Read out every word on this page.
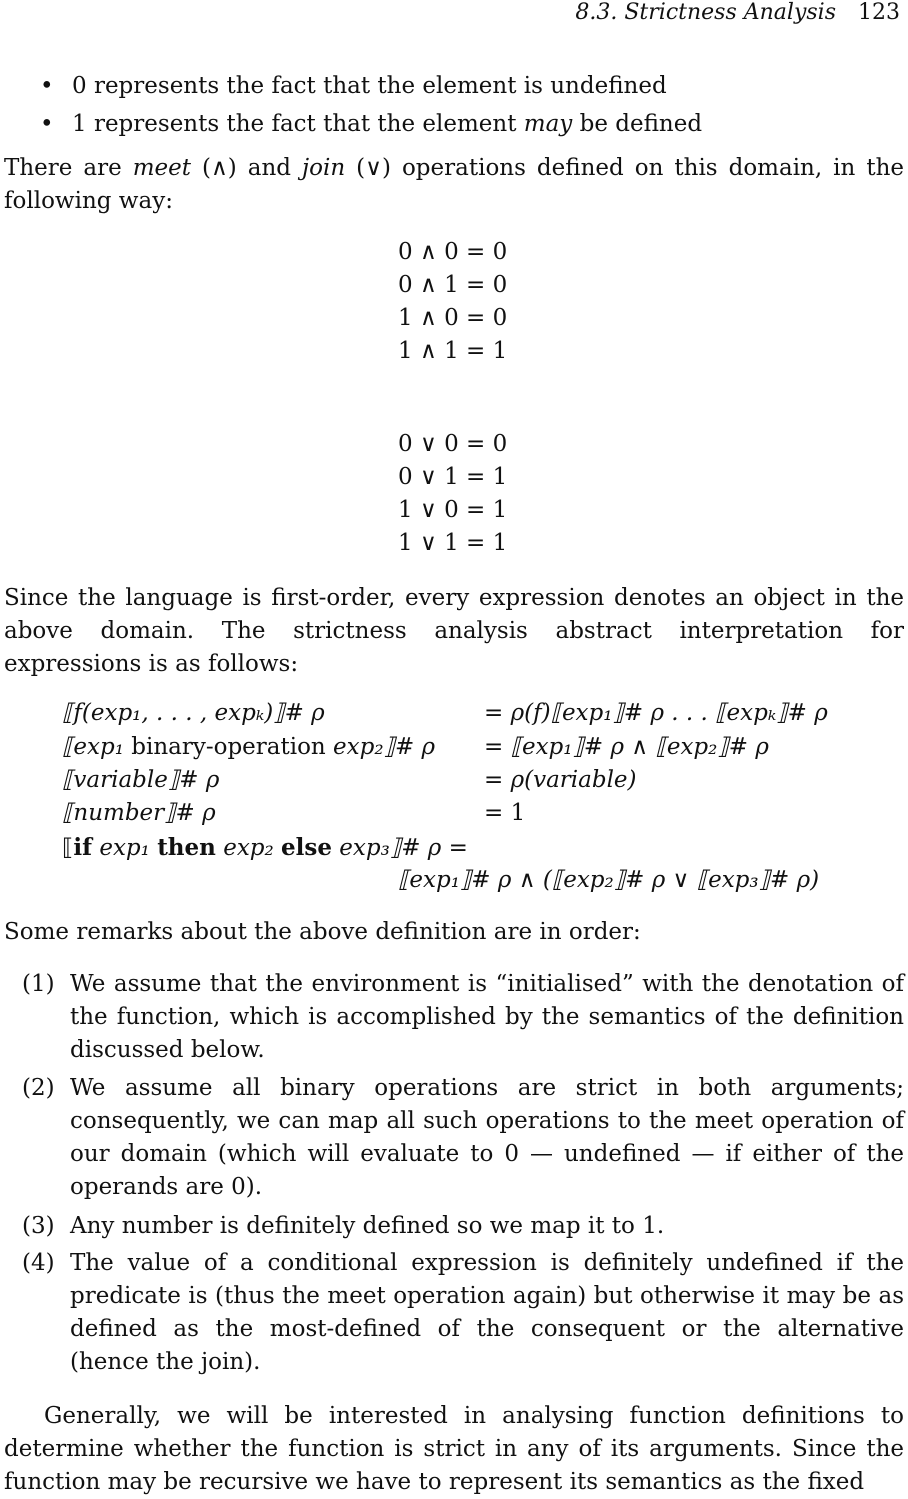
8.3. Strictness Analysis 123
• 0 represents the fact that the element is undefined
• 1 represents the fact that the element may be defined
There are meet (∧) and join (∨) operations defined on this domain, in the following way:
0 ∧ 0 = 0
0 ∧ 1 = 0
1 ∧ 0 = 0
1 ∧ 1 = 1
0 ∨ 0 = 0
0 ∨ 1 = 1
1 ∨ 0 = 1
1 ∨ 1 = 1
Since the language is first-order, every expression denotes an object in the above domain. The strictness analysis abstract interpretation for expressions is as follows:
⟦f(exp₁, . . . , expₖ)⟧# ρ	= ρ(f)⟦exp₁⟧# ρ . . . ⟦expₖ⟧# ρ
⟦exp₁ binary-operation exp₂⟧# ρ = ⟦exp₁⟧# ρ ∧ ⟦exp₂⟧# ρ
⟦variable⟧# ρ	= ρ(variable)
⟦number⟧# ρ	= 1
⟦if exp₁ then exp₂ else exp₃⟧# ρ =
⟦exp₁⟧# ρ ∧ (⟦exp₂⟧# ρ ∨ ⟦exp₃⟧# ρ)
Some remarks about the above definition are in order:
(1) We assume that the environment is “initialised” with the denotation of the function, which is accomplished by the semantics of the definition discussed below.
(2) We assume all binary operations are strict in both arguments; consequently, we can map all such operations to the meet operation of our domain (which will evaluate to 0 — undefined — if either of the operands are 0).
(3) Any number is definitely defined so we map it to 1.
(4) The value of a conditional expression is definitely undefined if the predicate is (thus the meet operation again) but otherwise it may be as defined as the most-defined of the consequent or the alternative (hence the join).
Generally, we will be interested in analysing function definitions to determine whether the function is strict in any of its arguments. Since the function may be recursive we have to represent its semantics as the fixed
